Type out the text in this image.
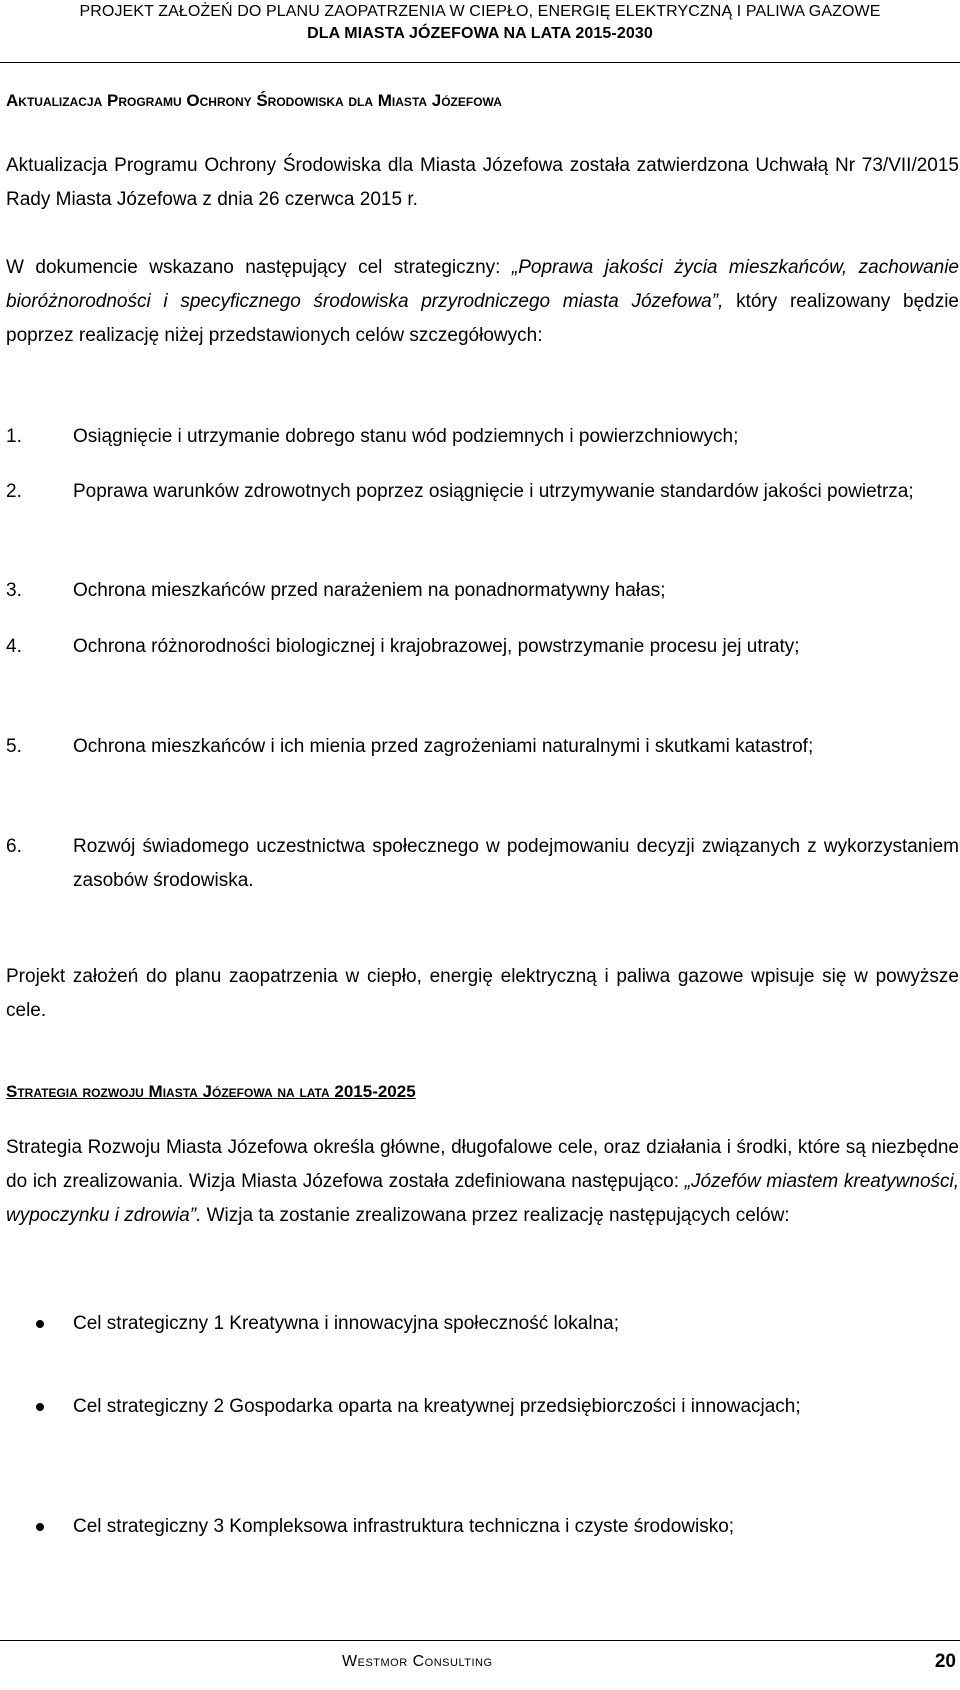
PROJEKT ZAŁOŻEŃ DO PLANU ZAOPATRZENIA W CIEPŁO, ENERGIĘ ELEKTRYCZNĄ I PALIWA GAZOWE
DLA MIASTA JÓZEFOWA NA LATA 2015-2030
Aktualizacja Programu Ochrony Środowiska dla Miasta Józefowa

Aktualizacja Programu Ochrony Środowiska dla Miasta Józefowa została zatwierdzona Uchwałą Nr 73/VII/2015 Rady Miasta Józefowa z dnia 26 czerwca 2015 r.

W dokumencie wskazano następujący cel strategiczny: „Poprawa jakości życia mieszkańców, zachowanie bioróżnorodności i specyficznego środowiska przyrodniczego miasta Józefowa”, który realizowany będzie poprzez realizację niżej przedstawionych celów szczegółowych:

1.	Osiągnięcie i utrzymanie dobrego stanu wód podziemnych i powierzchniowych;
2.	Poprawa warunków zdrowotnych poprzez osiągnięcie i utrzymywanie standardów jakości powietrza;
3.	Ochrona mieszkańców przed narażeniem na ponadnormatywny hałas;
4.	Ochrona różnorodności biologicznej i krajobrazowej, powstrzymanie procesu jej utraty;
5.	Ochrona mieszkańców i ich mienia przed zagrożeniami naturalnymi i skutkami katastrof;
6.	Rozwój świadomego uczestnictwa społecznego w podejmowaniu decyzji związanych z wykorzystaniem zasobów środowiska.

Projekt założeń do planu zaopatrzenia w ciepło, energię elektryczną i paliwa gazowe wpisuje się w powyższe cele.

Strategia rozwoju Miasta Józefowa na lata 2015-2025

Strategia Rozwoju Miasta Józefowa określa główne, długofalowe cele, oraz działania i środki, które są niezbędne do ich zrealizowania. Wizja Miasta Józefowa została zdefiniowana następująco: „Józefów miastem kreatywności, wypoczynku i zdrowia”. Wizja ta zostanie zrealizowana przez realizację następujących celów:

Cel strategiczny 1 Kreatywna i innowacyjna społeczność lokalna;
Cel strategiczny 2 Gospodarka oparta na kreatywnej przedsiębiorczości i innowacjach;
Cel strategiczny 3 Kompleksowa infrastruktura techniczna i czyste środowisko;
Westmor Consulting	20
